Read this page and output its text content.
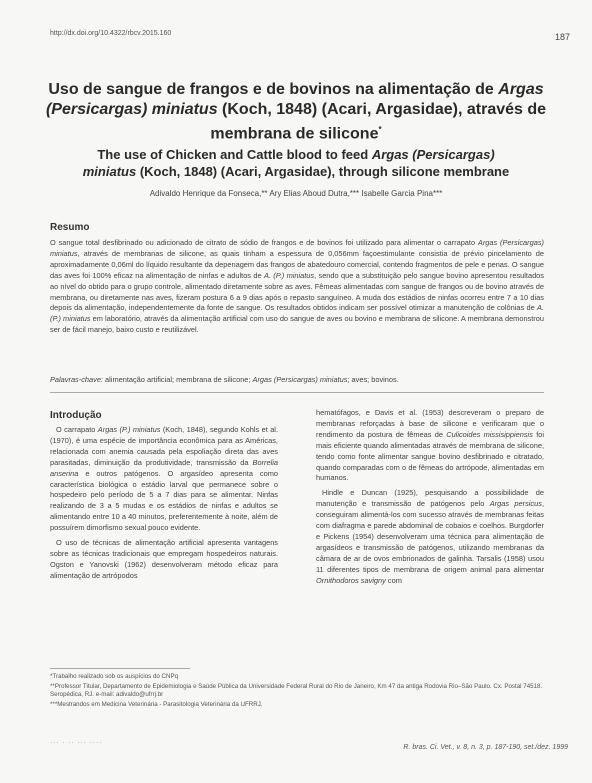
http://dx.doi.org/10.4322/rbcv.2015.160	187
Uso de sangue de frangos e de bovinos na alimentação de Argas
(Persicargas) miniatus (Koch, 1848) (Acari, Argasidae), através de
membrana de silicone*
The use of Chicken and Cattle blood to feed Argas (Persicargas)
miniatus (Koch, 1848) (Acari, Argasidae), through silicone membrane
Adivaldo Henrique da Fonseca,** Ary Elias Aboud Dutra,*** Isabelle Garcia Pina***
Resumo

O sangue total desfibrinado ou adicionado de citrato de sódio de frangos e de bovinos foi utilizado para alimentar o carrapato Argas (Persicargas) miniatus, através de membranas de silicone, as quais tinham a espessura de 0,056mm façoestimulante consistia de prévio pincelamento de aproximadamente 0,06ml do líquido resultante da depenagem das frangos de abatedouro comercial, contendo fragmentos de pele e penas. O sangue das aves foi 100% eficaz na alimentação de ninfas e adultos de A. (P.) miniatus, sendo que a substituição pelo sangue bovino apresentou resultados ao nível do obtido para o grupo controle, alimentado diretamente sobre as aves. Fêmeas alimentadas com sangue de frangos ou de bovino através de membrana, ou diretamente nas aves, fizeram postura 6 a 9 dias após o repasto sanguíneo. A muda dos estádios de ninfas ocorreu entre 7 a 10 dias depois da alimentação, independentemente da fonte de sangue. Os resultados obtidos indicam ser possível otimizar a manutenção de colônias de A. (P.) miniatus em laboratório, através da alimentação artificial com uso do sangue de aves ou bovino e membrana de silicone. A membrana demonstrou ser de fácil manejo, baixo custo e reutilizável.

Palavras-chave: alimentação artificial; membrana de silicone; Argas (Persicargas) miniatus; aves; bovinos.

Introdução

O carrapato Argas (P.) miniatus (Koch, 1848), segundo Kohls et al. (1970), é uma espécie de importância econômica para as Américas, relacionada com anemia causada pela espoliação direta das aves parasitadas, diminuição da produtividade, transmissão da Borrelia anserina e outros patógenos. O argasídeo apresenta como característica biológica o estádio larval que permanece sobre o hospedeiro pelo período de 5 a 7 dias para se alimentar. Ninfas realizando de 3 a 5 mudas e os estádios de ninfas e adultos se alimentando entre 10 a 40 minutos, preferentemente à noite, além de possuírem dimorfismo sexual pouco evidente.

O uso de técnicas de alimentação artificial apresenta vantagens sobre as técnicas tradicionais que empregam hospedeiros naturais. Ogston e Yanovski (1962) desenvolveram método eficaz para alimentação de artrópodos

hematófagos, e Davis et al. (1953) descreveram o preparo de membranas reforçadas à base de silicone e verificaram que o rendimento da postura de fêmeas de Culicoides missisippiensis foi mais eficiente quando alimentadas através de membrana de silicone, tendo como fonte alimentar sangue bovino desfibrinado e citratado, quando comparadas com o de fêmeas do artrópode, alimentadas em humanos.

Hindle e Duncan (1925), pesquisando a possibilidade de manutenção e transmissão de patógenos pelo Argas persicus, conseguiram alimentá-los com sucesso através de membranas feitas com diafragma e parede abdominal de cobaios e coelhos. Burgdorfer e Pickens (1954) desenvolveram uma técnica para alimentação de argasídeos e transmissão de patógenos, utilizando membranas da câmara de ar de ovos embrionados de galinha. Tarsalis (1958) usou 11 diferentes tipos de membrana de origem animal para alimentar Ornithodoros savigny com

*Trabalho realizado sob os auspícios do CNPq
**Professor Titular, Departamento de Epidemiologia e Saúde Pública da Universidade Federal Rural do Rio de Janeiro, Km 47 da antiga Rodovia Rio–São Paulo. Cx. Postal 74518. Seropédica, RJ. e-mail: adivaldo@ufrrj.br
***Mestrandos em Medicina Veterinária - Parasitologia Veterinária da UFRRJ.
··· · ·· ··· ····
R. bras. Ci. Vet., v. 8, n. 3, p. 187-190, set./dez. 1999
